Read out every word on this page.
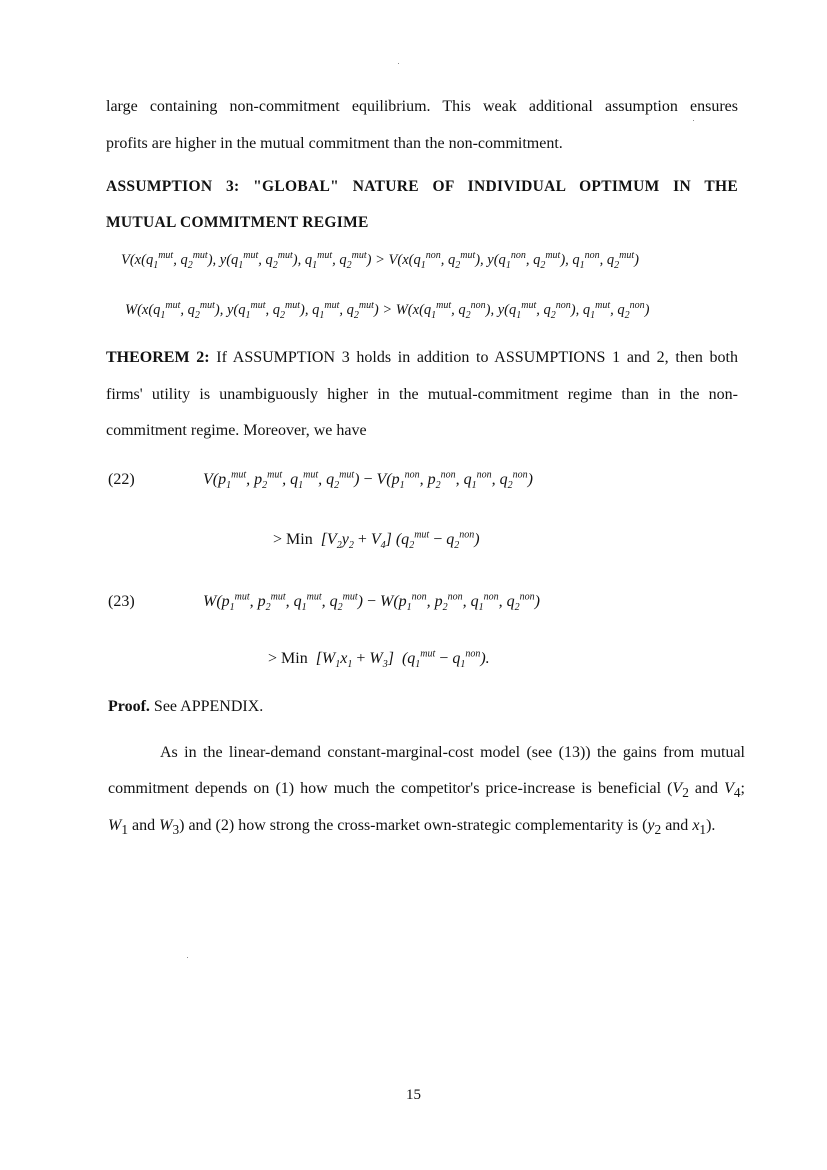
large containing non-commitment equilibrium. This weak additional assumption ensures
profits are higher in the mutual commitment than the non-commitment.
ASSUMPTION 3: "GLOBAL" NATURE OF INDIVIDUAL OPTIMUM IN THE
MUTUAL COMMITMENT REGIME
$V(x(q_1^{mut}$, $q_2^{mut}$), $y(q_1^{mut}$, $q_2^{mut}$), $q_1^{mut}$, $q_2^{mut}) > V(x(q_1^{non}$, $q_2^{mut}$), $y(q_1^{non}$, $q_2^{mut}$), $q_1^{non}$, $q_2^{mut}$)
$W(x(q_1^{mut}$, $q_2^{mut}$), $y(q_1^{mut}$, $q_2^{mut}$), $q_1^{mut}$, $q_2^{mut}) > W(x(q_1^{mut}$, $q_2^{non}$), $y(q_1^{mut}$, $q_2^{non}$), $q_1^{mut}$, $q_2^{non}$)
THEOREM 2: If ASSUMPTION 3 holds in addition to ASSUMPTIONS 1 and 2, then both
firms' utility is unambiguously higher in the mutual-commitment regime than in the non-
commitment regime. Moreover, we have
(22)	$V(p_1^{mut}$, $p_2^{mut}$, $q_1^{mut}$, $q_2^{mut}) - V(p_1^{non}$, $p_2^{non}$, $q_1^{non}$, $q_2^{non}$)
> Min  $[V_2y_2 + V_4] (q_2^{mut} - q_2^{non})$
(23)	$W(p_1^{mut}$, $p_2^{mut}$, $q_1^{mut}$, $q_2^{mut}) - W(p_1^{non}$, $p_2^{non}$, $q_1^{non}$, $q_2^{non}$)
> Min  $[W_1x_1 + W_3] (q_1^{mut} - q_1^{non})$.
Proof. See APPENDIX.
As in the linear-demand constant-marginal-cost model (see (13)) the gains from mutual
commitment depends on (1) how much the competitor's price-increase is beneficial ($V_2$ and $V_4$;
$W_1$ and $W_3$) and (2) how strong the cross-market own-strategic complementarity is ($y_2$ and $x_1$).
15
